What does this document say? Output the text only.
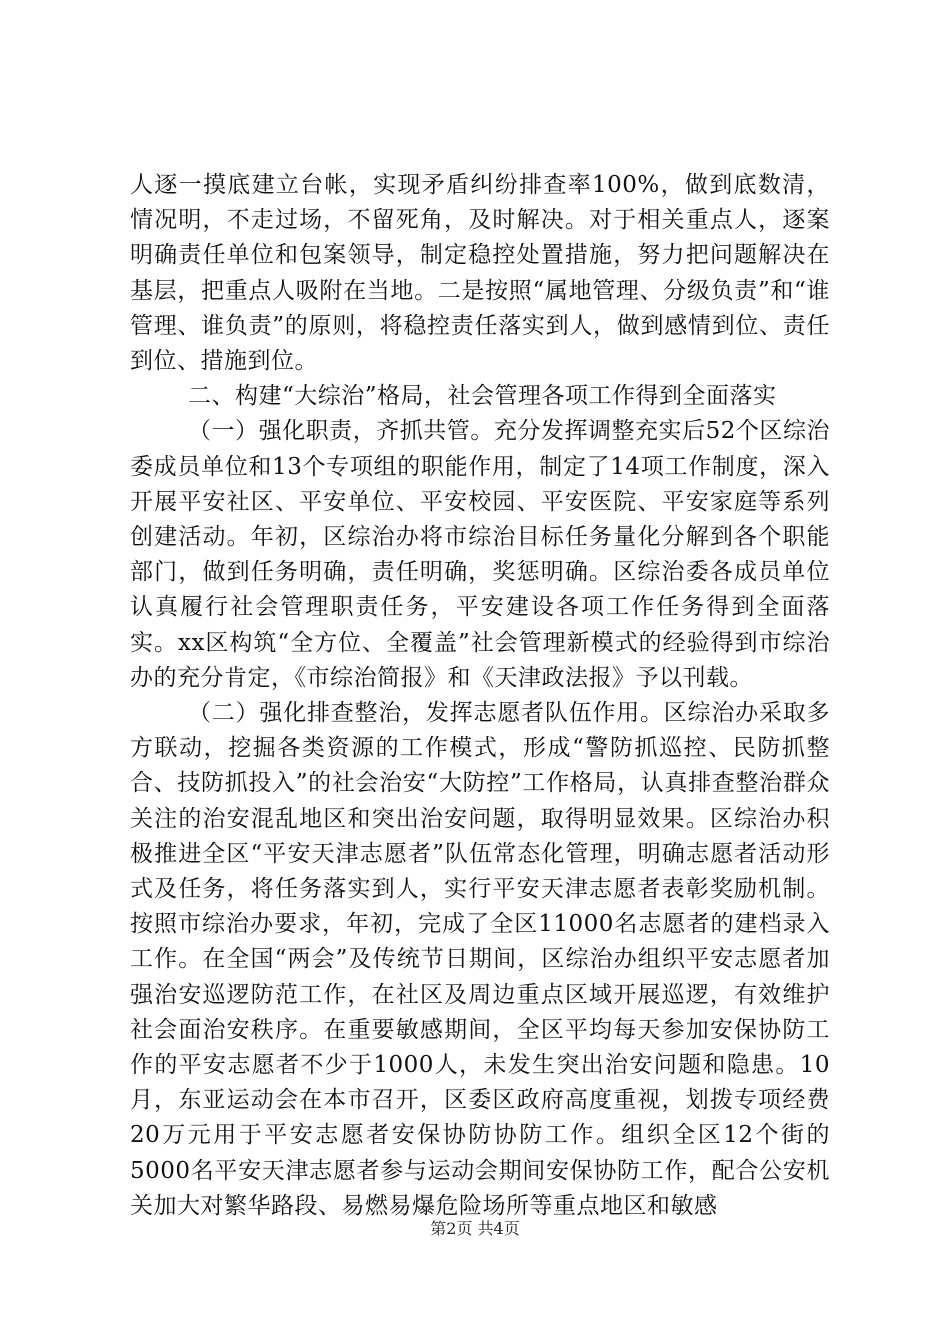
人逐一摸底建立台帐，实现矛盾纠纷排查率100%，做到底数清，情况明，不走过场，不留死角，及时解决。对于相关重点人，逐案明确责任单位和包案领导，制定稳控处置措施，努力把问题解决在基层，把重点人吸附在当地。二是按照“属地管理、分级负责”和“谁管理、谁负责”的原则，将稳控责任落实到人，做到感情到位、责任到位、措施到位。

二、构建“大综治”格局，社会管理各项工作得到全面落实

（一）强化职责，齐抓共管。充分发挥调整充实后52个区综治委成员单位和13个专项组的职能作用，制定了14项工作制度，深入开展平安社区、平安单位、平安校园、平安医院、平安家庭等系列创建活动。年初，区综治办将市综治目标任务量化分解到各个职能部门，做到任务明确，责任明确，奖惩明确。区综治委各成员单位认真履行社会管理职责任务，平安建设各项工作任务得到全面落实。xx区构筑“全方位、全覆盖”社会管理新模式的经验得到市综治办的充分肯定，《市综治简报》和《天津政法报》予以刊载。

（二）强化排查整治，发挥志愿者队伍作用。区综治办采取多方联动，挖掘各类资源的工作模式，形成“警防抓巡控、民防抓整合、技防抓投入”的社会治安“大防控”工作格局，认真排查整治群众关注的治安混乱地区和突出治安问题，取得明显效果。区综治办积极推进全区“平安天津志愿者”队伍常态化管理，明确志愿者活动形式及任务，将任务落实到人，实行平安天津志愿者表彰奖励机制。按照市综治办要求，年初，完成了全区11000名志愿者的建档录入工作。在全国“两会”及传统节日期间，区综治办组织平安志愿者加强治安巡逻防范工作，在社区及周边重点区域开展巡逻，有效维护社会面治安秩序。在重要敏感期间，全区平均每天参加安保协防工作的平安志愿者不少于1000人，未发生突出治安问题和隐患。10月，东亚运动会在本市召开，区委区政府高度重视，划拨专项经费20万元用于平安志愿者安保协防协防工作。组织全区12个街的5000名平安天津志愿者参与运动会期间安保协防工作，配合公安机关加大对繁华路段、易燃易爆危险场所等重点地区和敏感

第2页 共4页
